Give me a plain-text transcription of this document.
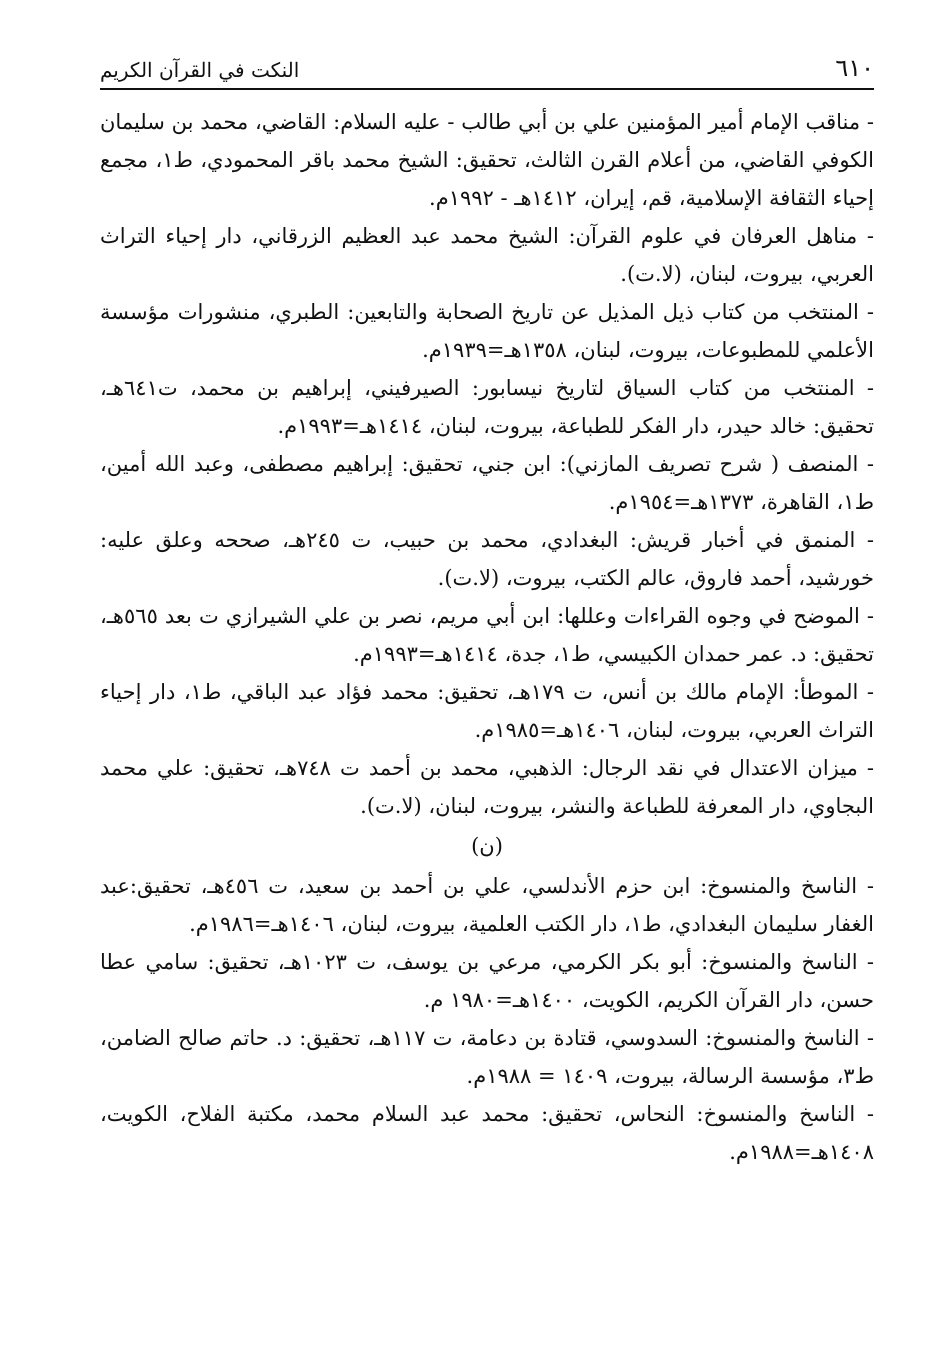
٦١٠
النكت في القرآن الكريم

- مناقب الإمام أمير المؤمنين علي بن أبي طالب - عليه السلام: القاضي، محمد بن سليمان الكوفي القاضي، من أعلام القرن الثالث، تحقيق: الشيخ محمد باقر المحمودي، ط١، مجمع إحياء الثقافة الإسلامية، قم، إيران، ١٤١٢هـ - ١٩٩٢م.

- مناهل العرفان في علوم القرآن: الشيخ محمد عبد العظيم الزرقاني، دار إحياء التراث العربي، بيروت، لبنان، (لا.ت).

- المنتخب من كتاب ذيل المذيل عن تاريخ الصحابة والتابعين: الطبري، منشورات مؤسسة الأعلمي للمطبوعات، بيروت، لبنان، ١٣٥٨هـ=١٩٣٩م.

- المنتخب من كتاب السياق لتاريخ نيسابور: الصيرفيني، إبراهيم بن محمد، ت٦٤١هـ، تحقيق: خالد حيدر، دار الفكر للطباعة، بيروت، لبنان، ١٤١٤هـ=١٩٩٣م.

- المنصف ( شرح تصريف المازني): ابن جني، تحقيق: إبراهيم مصطفى، وعبد الله أمين، ط١، القاهرة، ١٣٧٣هـ=١٩٥٤م.

- المنمق في أخبار قريش: البغدادي، محمد بن حبيب، ت ٢٤٥هـ، صححه وعلق عليه: خورشيد، أحمد فاروق، عالم الكتب، بيروت، (لا.ت).

- الموضح في وجوه القراءات وعللها: ابن أبي مريم، نصر بن علي الشيرازي ت بعد ٥٦٥هـ، تحقيق: د. عمر حمدان الكبيسي، ط١، جدة، ١٤١٤هـ=١٩٩٣م.

- الموطأ: الإمام مالك بن أنس، ت ١٧٩هـ، تحقيق: محمد فؤاد عبد الباقي، ط١، دار إحياء التراث العربي، بيروت، لبنان، ١٤٠٦هـ=١٩٨٥م.

- ميزان الاعتدال في نقد الرجال: الذهبي، محمد بن أحمد ت ٧٤٨هـ، تحقيق: علي محمد البجاوي، دار المعرفة للطباعة والنشر، بيروت، لبنان، (لا.ت).

(ن)

- الناسخ والمنسوخ: ابن حزم الأندلسي، علي بن أحمد بن سعيد، ت ٤٥٦هـ، تحقيق:عبد الغفار سليمان البغدادي، ط١، دار الكتب العلمية، بيروت، لبنان، ١٤٠٦هـ=١٩٨٦م.

- الناسخ والمنسوخ: أبو بكر الكرمي، مرعي بن يوسف، ت ١٠٢٣هـ، تحقيق: سامي عطا حسن، دار القرآن الكريم، الكويت، ١٤٠٠هـ=١٩٨٠ م.

- الناسخ والمنسوخ: السدوسي، قتادة بن دعامة، ت ١١٧هـ، تحقيق: د. حاتم صالح الضامن، ط٣، مؤسسة الرسالة، بيروت، ١٤٠٩ = ١٩٨٨م.

- الناسخ والمنسوخ: النحاس، تحقيق: محمد عبد السلام محمد، مكتبة الفلاح، الكويت، ١٤٠٨هـ=١٩٨٨م.
